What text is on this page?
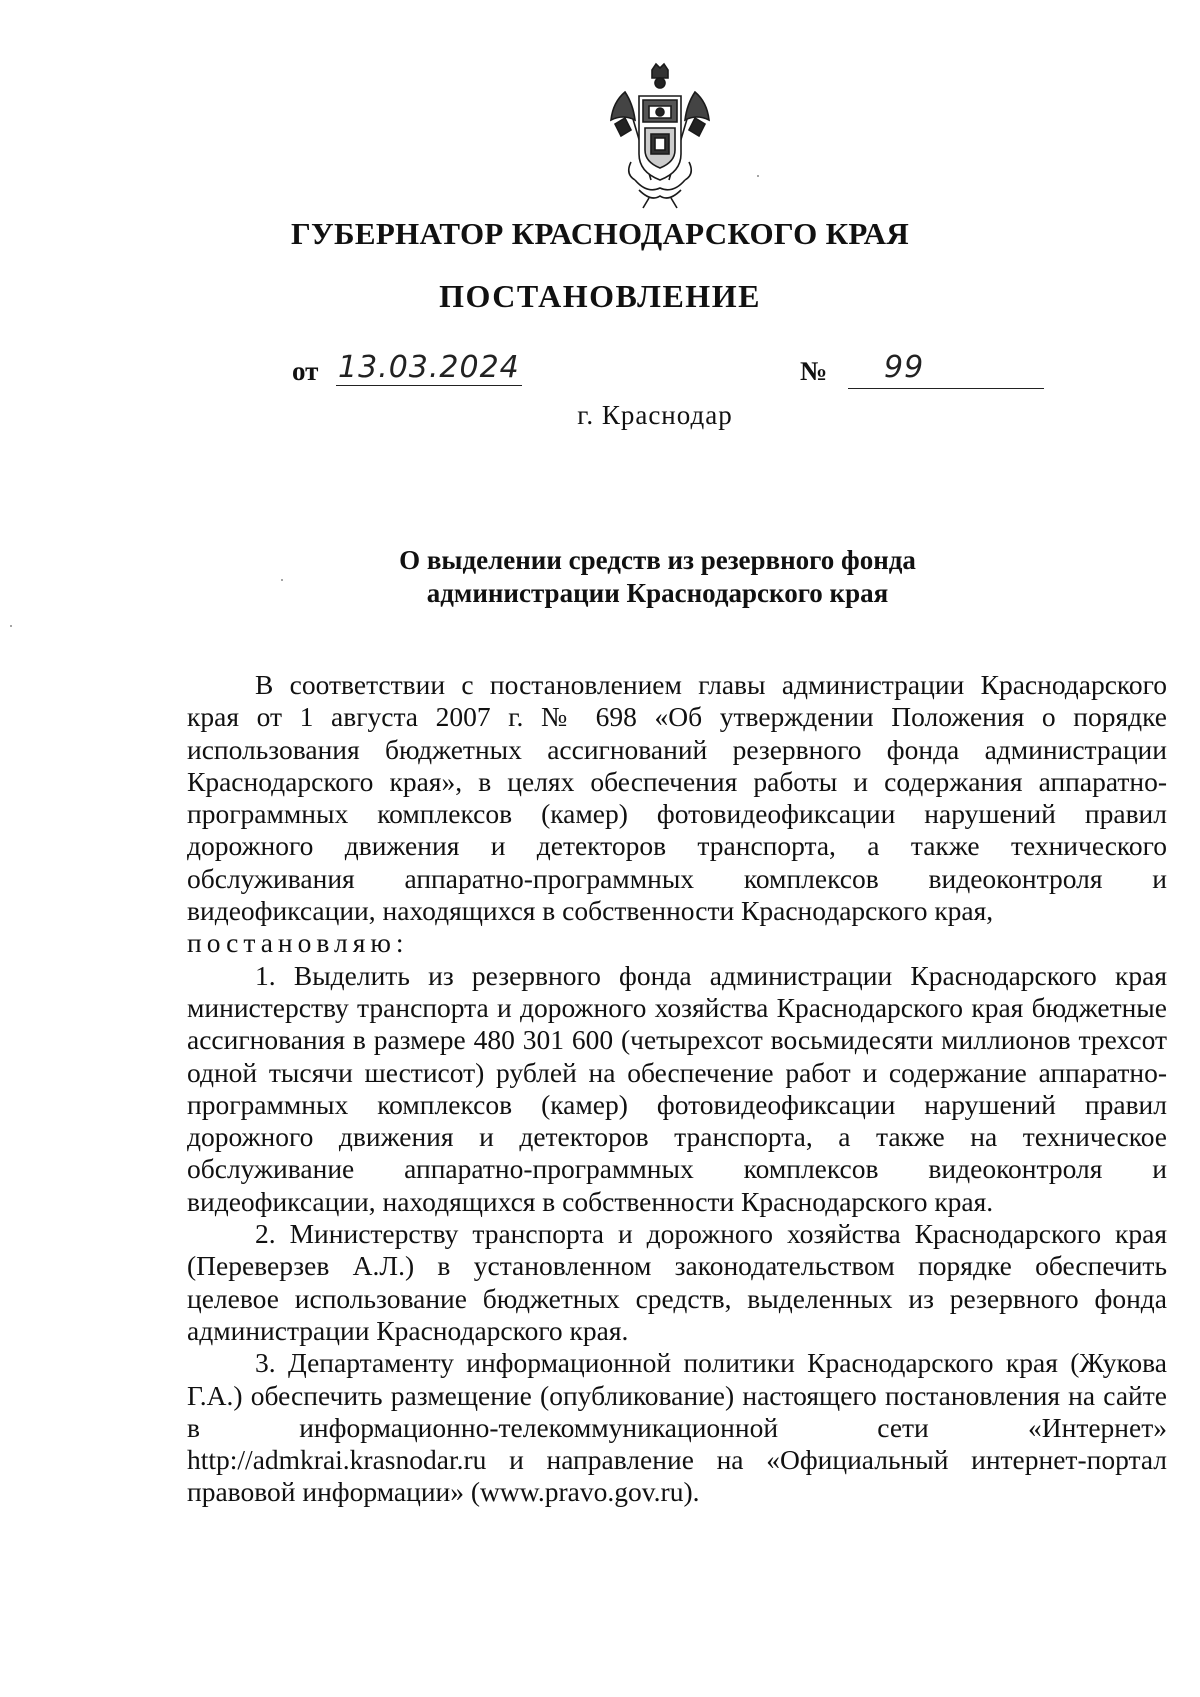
ГУБЕРНАТОР КРАСНОДАРСКОГО КРАЯ
ПОСТАНОВЛЕНИЕ
от 13.03.2024	№ 99
г. Краснодар
О выделении средств из резервного фонда
администрации Краснодарского края

В соответствии с постановлением главы администрации Краснодарского края от 1 августа 2007 г. № 698 «Об утверждении Положения о порядке использования бюджетных ассигнований резервного фонда администрации Краснодарского края», в целях обеспечения работы и содержания аппаратно-программных комплексов (камер) фотовидеофиксации нарушений правил дорожного движения и детекторов транспорта, а также технического обслуживания аппаратно-программных комплексов видеоконтроля и видеофиксации, находящихся в собственности Краснодарского края,

постановляю:

1. Выделить из резервного фонда администрации Краснодарского края министерству транспорта и дорожного хозяйства Краснодарского края бюджетные ассигнования в размере 480 301 600 (четырехсот восьмидесяти миллионов трехсот одной тысячи шестисот) рублей на обеспечение работ и содержание аппаратно-программных комплексов (камер) фотовидеофиксации нарушений правил дорожного движения и детекторов транспорта, а также на техническое обслуживание аппаратно-программных комплексов видеоконтроля и видеофиксации, находящихся в собственности Краснодарского края.

2. Министерству транспорта и дорожного хозяйства Краснодарского края (Переверзев А.Л.) в установленном законодательством порядке обеспечить целевое использование бюджетных средств, выделенных из резервного фонда администрации Краснодарского края.

3. Департаменту информационной политики Краснодарского края (Жукова Г.А.) обеспечить размещение (опубликование) настоящего постановления на сайте в информационно-телекоммуникационной сети «Интернет» http://admkrai.krasnodar.ru и направление на «Официальный интернет-портал правовой информации» (www.pravo.gov.ru).
